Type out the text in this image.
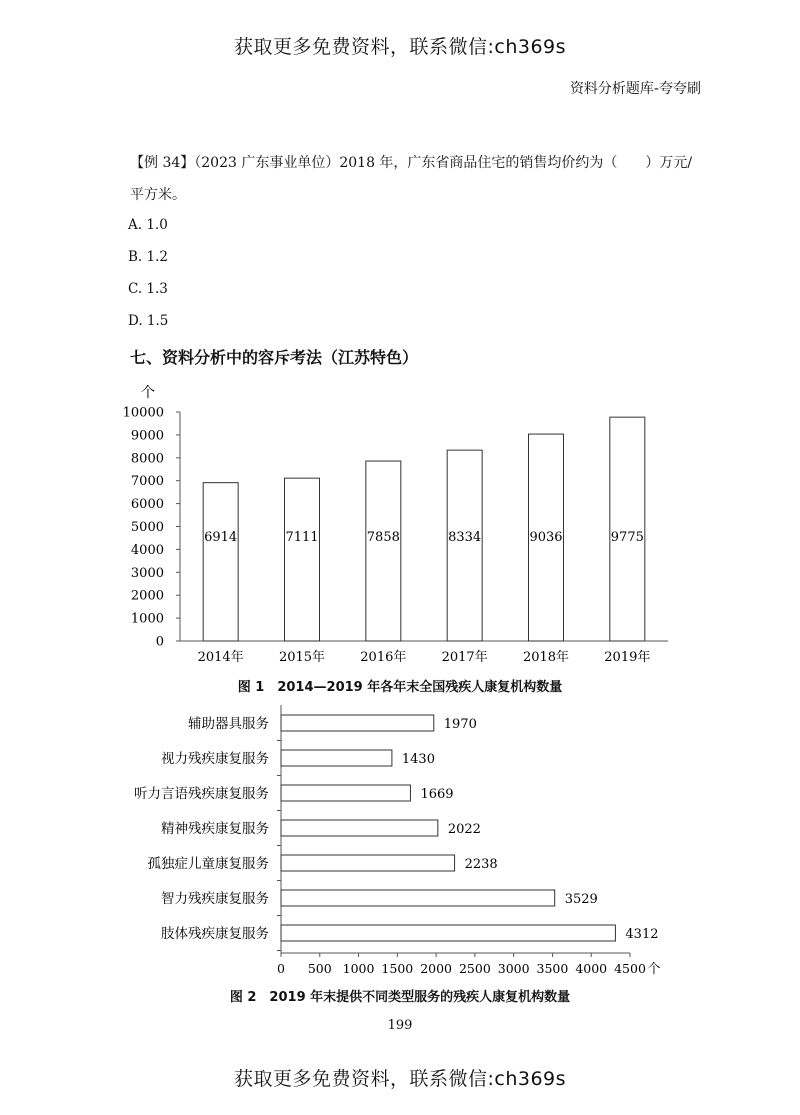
获取更多免费资料，联系微信:ch369s
资料分析题库-夸夸刷
【例 34】（2023 广东事业单位）2018 年，广东省商品住宅的销售均价约为（　　）万元/
平方米。
A. 1.0
B. 1.2
C. 1.3
D. 1.5
七、资料分析中的容斥考法（江苏特色）
个
0
1000
2000
3000
4000
5000
6000
7000
8000
9000
10000
6914
2014年
7111
2015年
7858
2016年
8334
2017年
9036
2018年
9775
2019年
图 1　2014—2019 年各年末全国残疾人康复机构数量
0 500 1000 1500 2000 2500 3000 3500 4000 4500 个
1970
辅助器具服务
1430
视力残疾康复服务
1669
听力言语残疾康复服务
2022
精神残疾康复服务
2238
孤独症儿童康复服务
3529
智力残疾康复服务
4312
肢体残疾康复服务
图 2　2019 年末提供不同类型服务的残疾人康复机构数量
199
获取更多免费资料，联系微信:ch369s
